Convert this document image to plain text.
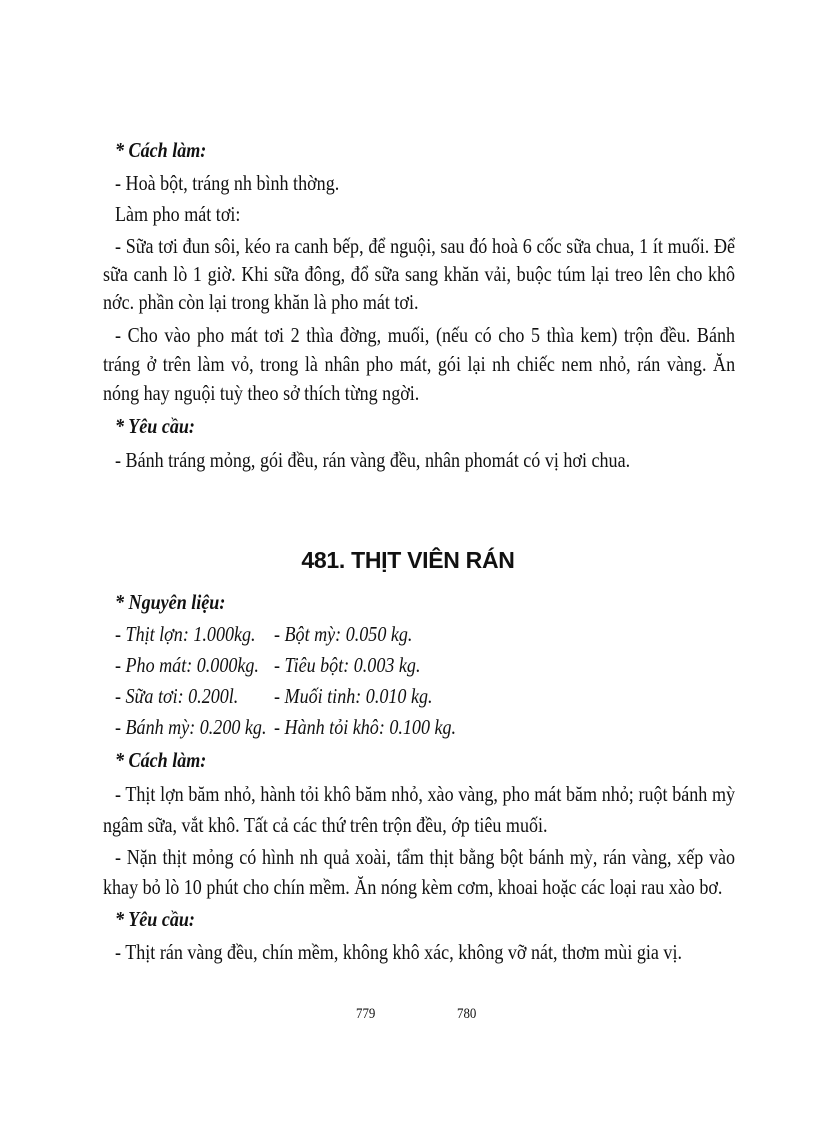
* Cách làm:
- Hoà bột, tráng nh bình thờng.
Làm pho mát tơi:
- Sữa tơi đun sôi, kéo ra canh bếp, để nguội, sau đó hoà 6 cốc sữa chua, 1 ít muối. Để
sữa canh lò 1 giờ. Khi sữa đông, đổ sữa sang khăn vải, buộc túm lại treo lên cho khô
nớc. phần còn lại trong khăn là pho mát tơi.
- Cho vào pho mát tơi 2 thìa đờng, muối, (nếu có cho 5 thìa kem) trộn đều. Bánh
tráng ở trên làm vỏ, trong là nhân pho mát, gói lại nh chiếc nem nhỏ, rán vàng. Ăn
nóng hay nguội tuỳ theo sở thích từng ngời.
* Yêu cầu:
- Bánh tráng mỏng, gói đều, rán vàng đều, nhân phomát có vị hơi chua.
481. THỊT VIÊN RÁN
* Nguyên liệu:
- Thịt lợn: 1.000kg. - Bột mỳ: 0.050 kg.
- Pho mát: 0.000kg. - Tiêu bột: 0.003 kg.
- Sữa tơi: 0.200l. - Muối tinh: 0.010 kg.
- Bánh mỳ: 0.200 kg. - Hành tỏi khô: 0.100 kg.
* Cách làm:
- Thịt lợn băm nhỏ, hành tỏi khô băm nhỏ, xào vàng, pho mát băm nhỏ; ruột bánh mỳ
ngâm sữa, vắt khô. Tất cả các thứ trên trộn đều, ớp tiêu muối.
- Nặn thịt mỏng có hình nh quả xoài, tẩm thịt bằng bột bánh mỳ, rán vàng, xếp vào
khay bỏ lò 10 phút cho chín mềm. Ăn nóng kèm cơm, khoai hoặc các loại rau xào bơ.
* Yêu cầu:
- Thịt rán vàng đều, chín mềm, không khô xác, không vỡ nát, thơm mùi gia vị.
779	780
